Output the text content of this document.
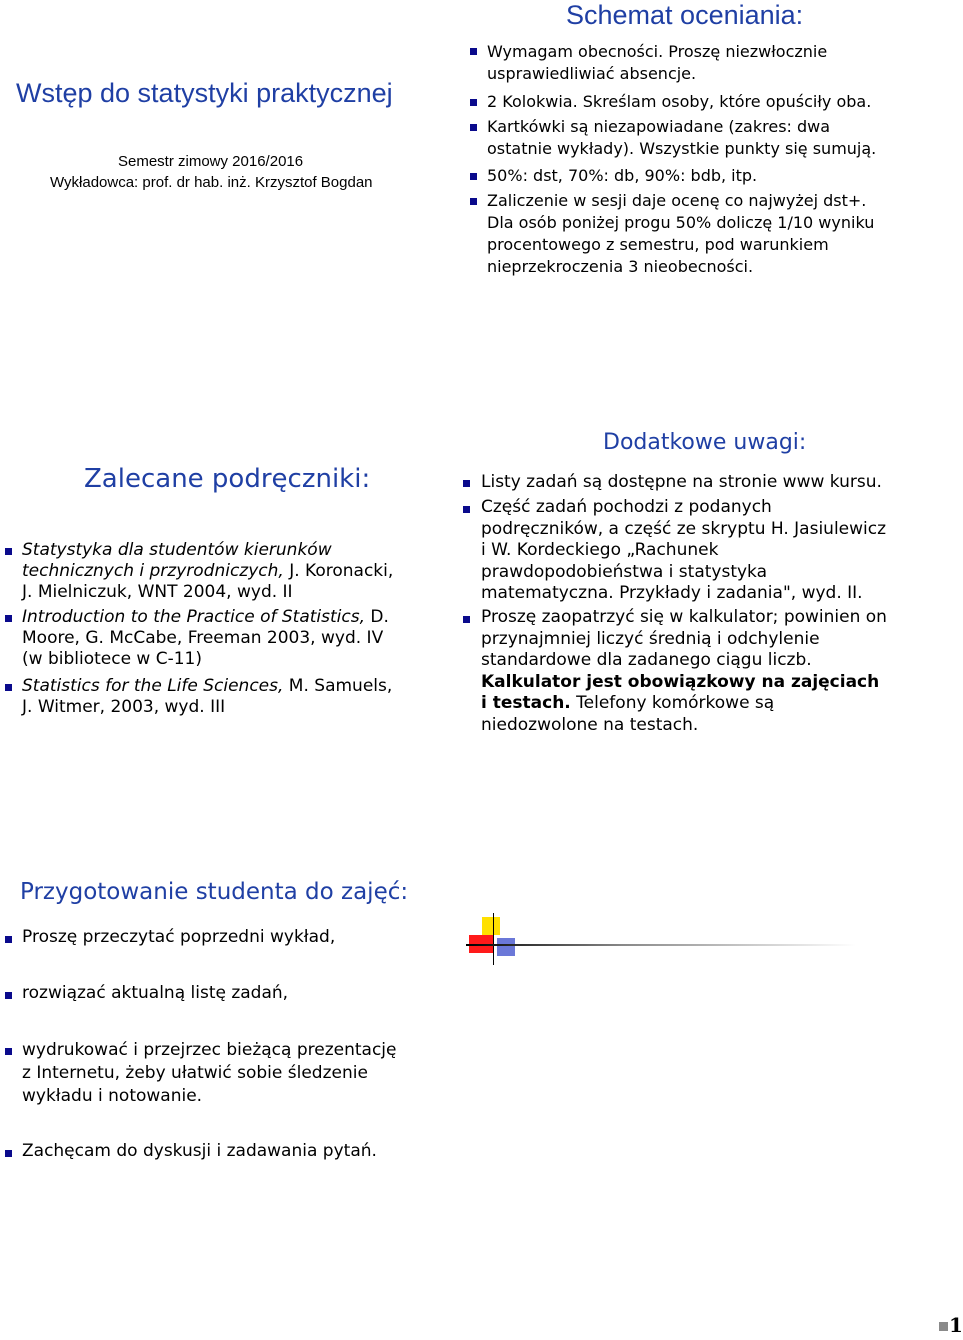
Wstęp do statystyki praktycznej
Semestr zimowy 2016/2016
Wykładowca: prof. dr hab. inż. Krzysztof Bogdan
Schemat oceniania:
Wymagam obecności. Proszę niezwłocznie
usprawiedliwiać absencje.
2 Kolokwia. Skreślam osoby, które opuściły oba.
Kartkówki są niezapowiadane (zakres: dwa
ostatnie wykłady). Wszystkie punkty się sumują.
50%: dst, 70%: db, 90%: bdb, itp.
Zaliczenie w sesji daje ocenę co najwyżej dst+.
Dla osób poniżej progu 50% doliczę 1/10 wyniku
procentowego z semestru, pod warunkiem
nieprzekroczenia 3 nieobecności.
Zalecane podręczniki:
Statystyka dla studentów kierunków
technicznych i przyrodniczych, J. Koronacki,
J. Mielniczuk, WNT 2004, wyd. II
Introduction to the Practice of Statistics, D.
Moore, G. McCabe, Freeman 2003, wyd. IV
(w bibliotece w C-11)
Statistics for the Life Sciences, M. Samuels,
J. Witmer, 2003, wyd. III
Dodatkowe uwagi:
Listy zadań są dostępne na stronie www kursu.
Część zadań pochodzi z podanych
podręczników, a część ze skryptu H. Jasiulewicz
i W. Kordeckiego „Rachunek
prawdopodobieństwa i statystyka
matematyczna. Przykłady i zadania", wyd. II.
Proszę zaopatrzyć się w kalkulator; powinien on
przynajmniej liczyć średnią i odchylenie
standardowe dla zadanego ciągu liczb.
Kalkulator jest obowiązkowy na zajęciach
i testach. Telefony komórkowe są
niedozwolone na testach.
Przygotowanie studenta do zajęć:
Proszę przeczytać poprzedni wykład,
rozwiązać aktualną listę zadań,
wydrukować i przejrzec bieżącą prezentację
z Internetu, żeby ułatwić sobie śledzenie
wykładu i notowanie.
Zachęcam do dyskusji i zadawania pytań.
1
